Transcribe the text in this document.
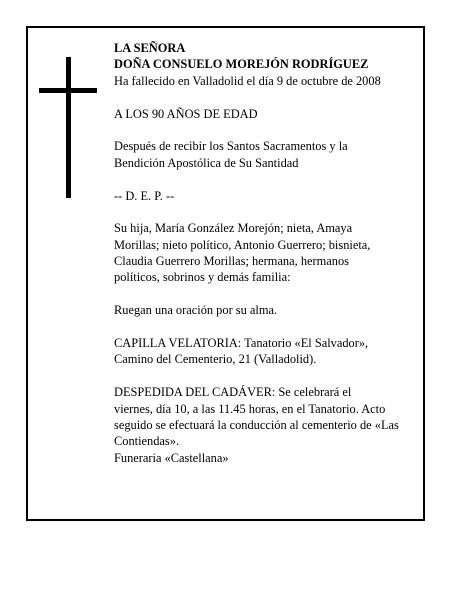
LA SEÑORA
DOÑA CONSUELO MOREJÓN RODRÍGUEZ
Ha fallecido en Valladolid el día 9 de octubre de 2008
A LOS 90 AÑOS DE EDAD
Después de recibir los Santos Sacramentos y la
Bendición Apostólica de Su Santidad
-- D. E. P. --
Su hija, María González Morejón; nieta, Amaya
Morillas; nieto político, Antonio Guerrero; bisnieta,
Claudia Guerrero Morillas; hermana, hermanos
políticos, sobrinos y demás familia:
Ruegan una oración por su alma.
CAPILLA VELATORIA: Tanatorio «El Salvador»,
Camino del Cementerio, 21 (Valladolid).
DESPEDIDA DEL CADÁVER: Se celebrará el
viernes, día 10, a las 11.45 horas, en el Tanatorio. Acto
seguido se efectuará la conducción al cementerio de «Las
Contiendas».
Funeraria «Castellana»
